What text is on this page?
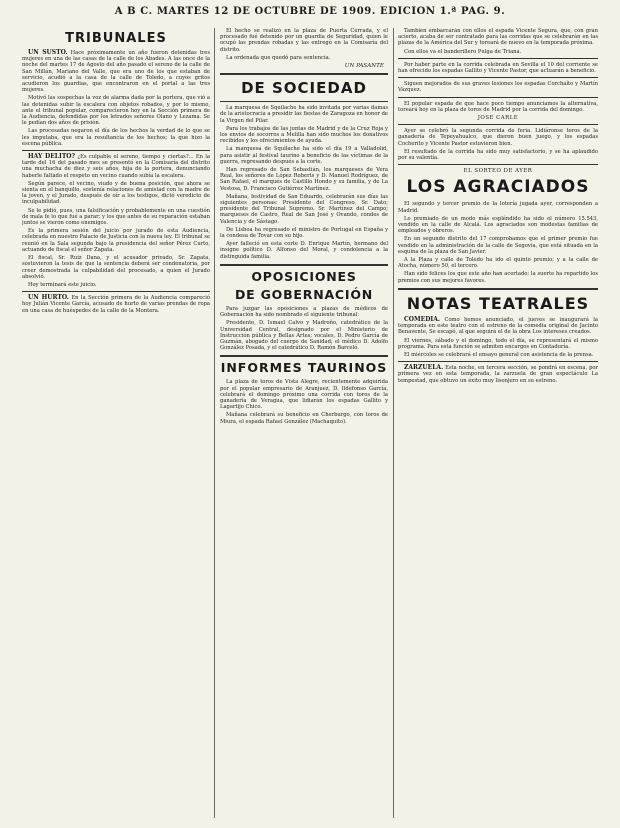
A B C. MARTES 12 DE OCTUBRE DE 1909. EDICION 1.ª PAG. 9.
TRIBUNALES

UN SUSTO. Hace próximamente un año fueron detenidas tres mujeres en una de las casas de la calle de los Abades. A las once de la noche del martes 17 de Agosto del año pasado el sereno de la calle de San Millán, Mariano del Valle, que era uno de los que estaban de servicio, acudió a la casa de la calle de Toledo, a cuyos gritos acudieron los guardias, que encontraron en el portal a las tres mujeres.

Motivó las sospechas la voz de alarma dada por la portera, que vió a las detenidas subir la escalera con objetos robados, y por lo mismo, ante el tribunal popular, comparecieron hoy en la Sección primera de la Audiencia, defendidas por los letrados señores Olano y Lezama. Se le pedían dos años de prisión.

Las procesadas negaron el día de los hechos la verdad de lo que se les imputaba, que era la resultancia de los hechos; la que hizo la escena pública.

HAY DELITO? ¿Es culpable el sereno, tiempo y ciertas?... En la tarde del 16 del pasado mes se presentó en la Comisaría del distrito una muchacha de diez y seis años, hija de la portera, denunciando haberle faltado el respeto un vecino cuando subía la escalera.

Según parece, el vecino, viudo y de buena posición, que ahora se sienta en el banquillo, sostenía relaciones de amistad con la madre de la joven, y el Jurado, después de oír a los testigos, dictó veredicto de inculpabilidad.

Se le pidió, pues, una falsificación y probablemente en una cuestión de mala fe lo que fué a parar; y los que antes de su reparación estaban juntos se vieron como enemigos.

Es la primera sesión del juicio por jurado de esta Audiencia, celebrada en nuestro Palacio de Justicia con la nueva ley. El tribunal se reunió en la Sala segunda bajo la presidencia del señor Pérez Curto, actuando de fiscal el señor Zapata.

El fiscal, Sr. Ruiz Dana, y el acusador privado, Sr. Zapata, sostuvieron la tesis de que la sentencia deberá ser condenatoria, por creer demostrada la culpabilidad del procesado, a quien el Jurado absolvió.

Hoy terminará este juicio.

UN HURTO. En la Sección primera de la Audiencia compareció hoy Julián Vicente García, acusado de hurto de varias prendas de ropa en una casa de huéspedes de la calle de la Montera.

El hecho se realizó en la plaza de Puerta Cerrada, y el procesado fué detenido por un guardia de Seguridad, quien le ocupó las prendas robadas y las entregó en la Comisaría del distrito.

La ordenada que quedó para sentencia.

UN PASANTE
DE SOCIEDAD

La marquesa de Squilache ha sido invitada por varias damas de la aristocracia a presidir las fiestas de Zaragoza en honor de la Virgen del Pilar.

Para los trabajos de las juntas de Madrid y de la Cruz Roja y los envíos de socorros a Melilla han sido muchos los donativos recibidos y los ofrecimientos de ayuda.

La marquesa de Squilache ha sido el día 19 a Valladolid, para asistir al festival taurino a beneficio de las víctimas de la guerra, regresando después a la corte.

Han regresado de San Sebastián, los marqueses de Vera Real, los señores de López Roberts y D. Manuel Rodríguez, de San Rafael, el marqués de Castillo Hondo y su familia, y de La Vestosa, D. Francisco Gutiérrez Martínez.

Mañana, festividad de San Eduardo, celebrarán sus días las siguientes personas: Presidente del Congreso, Sr. Dato; presidente del Tribunal Supremo, Sr. Martínez del Campo; marqueses de Castro, Real de San José y Ovando, condes de Valencia y de Sástago.

De Lisboa ha regresado el ministro de Portugal en España y la condesa de Tovar con su hijo.

Ayer falleció en esta corte D. Enrique Martín, hermano del insigne político D. Alfonso del Moral, y condolencia a la distinguida familia.

OPOSICIONES
DE GOBERNACIÓN

Para juzgar las oposiciones a plazas de médicos de Gobernación ha sido nombrado el siguiente tribunal:

Presidente, D. Ismael Calvo y Madroño, catedrático de la Universidad Central, designado por el Ministerio de Instrucción pública y Bellas Artes; vocales, D. Pedro García de Guzmán, abogado del cuerpo de Sanidad; el médico D. Adolfo González Posada, y el catedrático D. Ramón Barceló.

INFORMES TAURINOS

La plaza de toros de Vista Alegre, recientemente adquirida por el popular empresario de Aranjuez, D. Ildefonso García, celebrará el domingo próximo una corrida con toros de la ganadería de Veragua, que lidiarán los espadas Gallito y Lagartijo Chico.

Mañana celebrará su beneficio en Cherburgo, con toros de Miura, el espada Rafael González (Machaquito).

También embarcarán con ellos el espada Vicente Segura, que, con gran acierto, acaba de ser contratado para las corridas que se celebrarán en las plazas de la América del Sur y toreará de nuevo en la temporada próxima.

Con ellos va el banderillero Pulga de Triana.

Por haber parte en la corrida celebrada en Sevilla el 10 del corriente se han ofrecido los espadas Gallito y Vicente Pastor, que actuarán a beneficio.

Siguen mejorados de sus graves lesiones los espadas Corchaíto y Martín Vázquez.

El popular espada de que hace poco tiempo anunciamos la alternativa, toreará hoy en la plaza de toros de Madrid por la corrida del domingo.

JOSE CARLE

Ayer se celebró la segunda corrida de feria. Lidiáronse toros de la ganadería de Tepeyahualco, que dieron buen juego, y los espadas Cocherito y Vicente Pastor estuvieron bien.

El resultado de la corrida ha sido muy satisfactorio, y se ha aplaudido por su valentía.

EL SORTEO DE AYER
LOS AGRACIADOS

El segundo y tercer premio de la lotería jugada ayer, corresponden a Madrid.

Lo premiado de un modo más espléndido ha sido el número 15.543, vendido en la calle de Alcalá. Los agraciados son modestas familias de empleados y obreros.

En un segundo distrito del 17 comprobamos que el primer premio fue vendido en la administración de la calle de Segovia, que está situada en la esquina de la plaza de San Javier.

A la Plaza y calle de Toledo ha ido el quinto premio; y a la calle de Atocha, número 50, el tercero.

Han sido felices los que este año han acertado: la suerte ha repartido los premios con sus mejores favores.

NOTAS TEATRALES

COMEDIA. Como hemos anunciado, el jueves se inaugurará la temporada en este teatro con el estreno de la comedia original de Jacinto Benavente, Se escapó, al que seguirá el de la obra Los intereses creados.

El viernes, sábado y el domingo, todo el día, se representará el mismo programa. Para esta función se admiten encargos en Contaduría.

El miércoles se celebrará el ensayo general con asistencia de la prensa.

ZARZUELA. Esta noche, en tercera sección, se pondrá en escena, por primera vez en esta temporada, la zarzuela de gran espectáculo La tempestad, que obtuvo un éxito muy lisonjero en su estreno.
